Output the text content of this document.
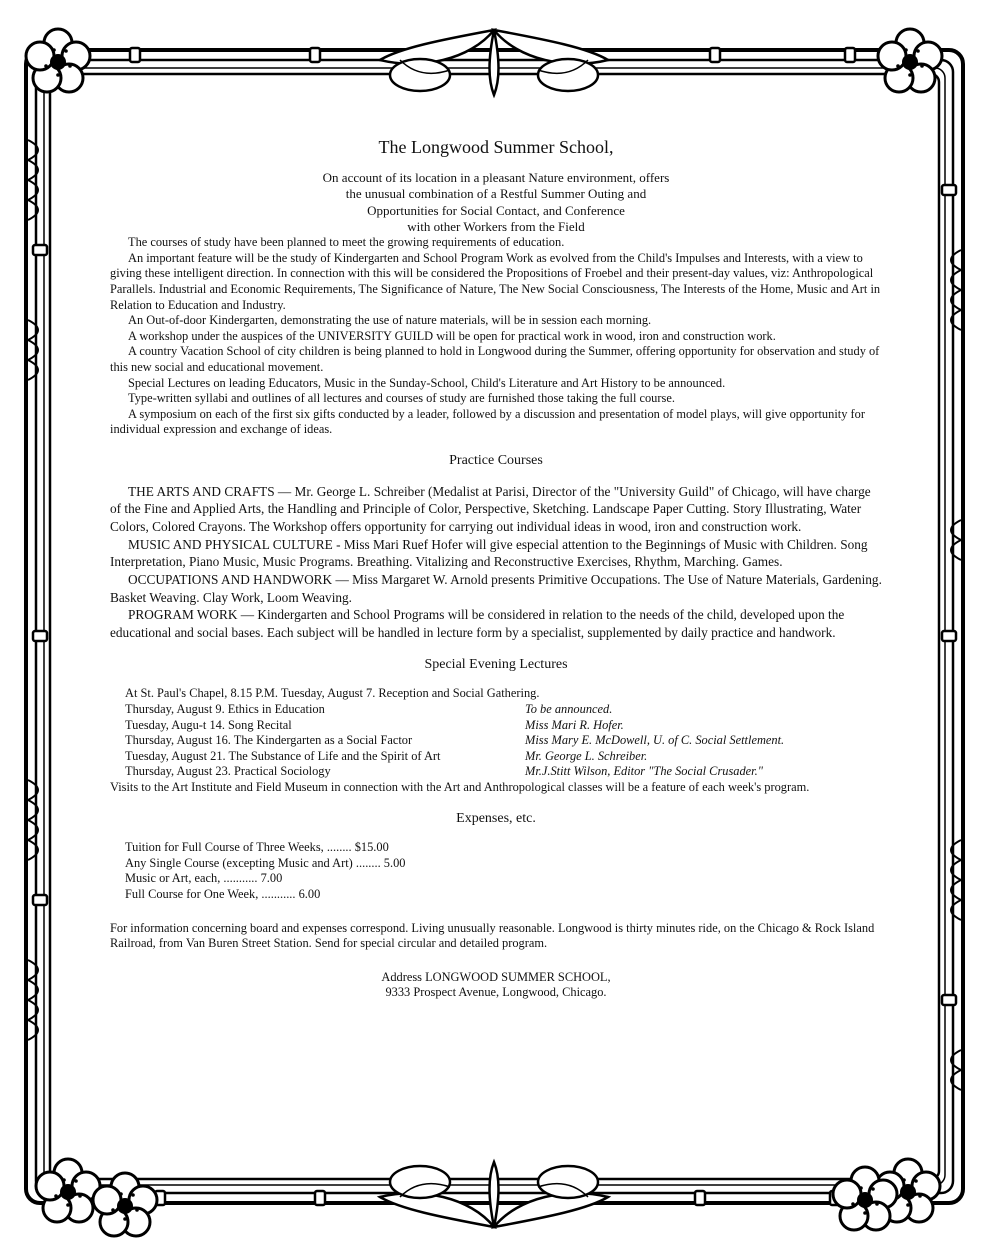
The Longwood Summer School,

On account of its location in a pleasant Nature environment, offers

the unusual combination of a Restful Summer Outing and

Opportunities for Social Contact, and Conference

with other Workers from the Field

The courses of study have been planned to meet the growing requirements of education.

An important feature will be the study of Kindergarten and School Program Work as evolved from the Child's Impulses and Interests, with a view to giving these intelligent direction. In connection with this will be considered the Propositions of Froebel and their present-day values, viz: Anthropological Parallels. Industrial and Economic Requirements, The Significance of Nature, The New Social Consciousness, The Interests of the Home, Music and Art in Relation to Education and Industry.

An Out-of-door Kindergarten, demonstrating the use of nature materials, will be in session each morning.

A workshop under the auspices of the UNIVERSITY GUILD will be open for practical work in wood, iron and construction work.

A country Vacation School of city children is being planned to hold in Longwood during the Summer, offering opportunity for observation and study of this new social and educational movement.

Special Lectures on leading Educators, Music in the Sunday-School, Child's Literature and Art History to be announced.

Type-written syllabi and outlines of all lectures and courses of study are furnished those taking the full course.

A symposium on each of the first six gifts conducted by a leader, followed by a discussion and presentation of model plays, will give opportunity for individual expression and exchange of ideas.

Practice Courses

THE ARTS AND CRAFTS — Mr. George L. Schreiber (Medalist at Parisi, Director of the "University Guild" of Chicago, will have charge of the Fine and Applied Arts, the Handling and Principle of Color, Perspective, Sketching. Landscape Paper Cutting. Story Illustrating, Water Colors, Colored Crayons. The Workshop offers opportunity for carrying out individual ideas in wood, iron and construction work.

MUSIC AND PHYSICAL CULTURE - Miss Mari Ruef Hofer will give especial attention to the Beginnings of Music with Children. Song Interpretation, Piano Music, Music Programs. Breathing. Vitalizing and Reconstructive Exercises, Rhythm, Marching. Games.

OCCUPATIONS AND HANDWORK — Miss Margaret W. Arnold presents Primitive Occupations. The Use of Nature Materials, Gardening. Basket Weaving. Clay Work, Loom Weaving.

PROGRAM WORK — Kindergarten and School Programs will be considered in relation to the needs of the child, developed upon the educational and social bases. Each subject will be handled in lecture form by a specialist, supplemented by daily practice and handwork.

Special Evening Lectures

At St. Paul's Chapel, 8.15 P.M. Tuesday, August 7. Reception and Social Gathering.

Thursday, August 9. Ethics in Education	To be announced.
Tuesday, Augu-t 14. Song Recital	Miss Mari R. Hofer.
Thursday, August 16. The Kindergarten as a Social Factor	Miss Mary E. McDowell, U. of C. Social Settlement.
Tuesday, August 21. The Substance of Life and the Spirit of Art	Mr. George L. Schreiber.
Thursday, August 23. Practical Sociology	Mr.J.Stitt Wilson, Editor "The Social Crusader."

Visits to the Art Institute and Field Museum in connection with the Art and Anthropological classes will be a feature of each week's program.

Expenses, etc.

Tuition for Full Course of Three Weeks, ........ $15.00

Any Single Course (excepting Music and Art) ........ 5.00

Music or Art, each, ........... 7.00

Full Course for One Week, ........... 6.00

For information concerning board and expenses correspond. Living unusually reasonable. Longwood is thirty minutes ride, on the Chicago & Rock Island Railroad, from Van Buren Street Station. Send for special circular and detailed program.

Address LONGWOOD SUMMER SCHOOL,
9333 Prospect Avenue, Longwood, Chicago.
